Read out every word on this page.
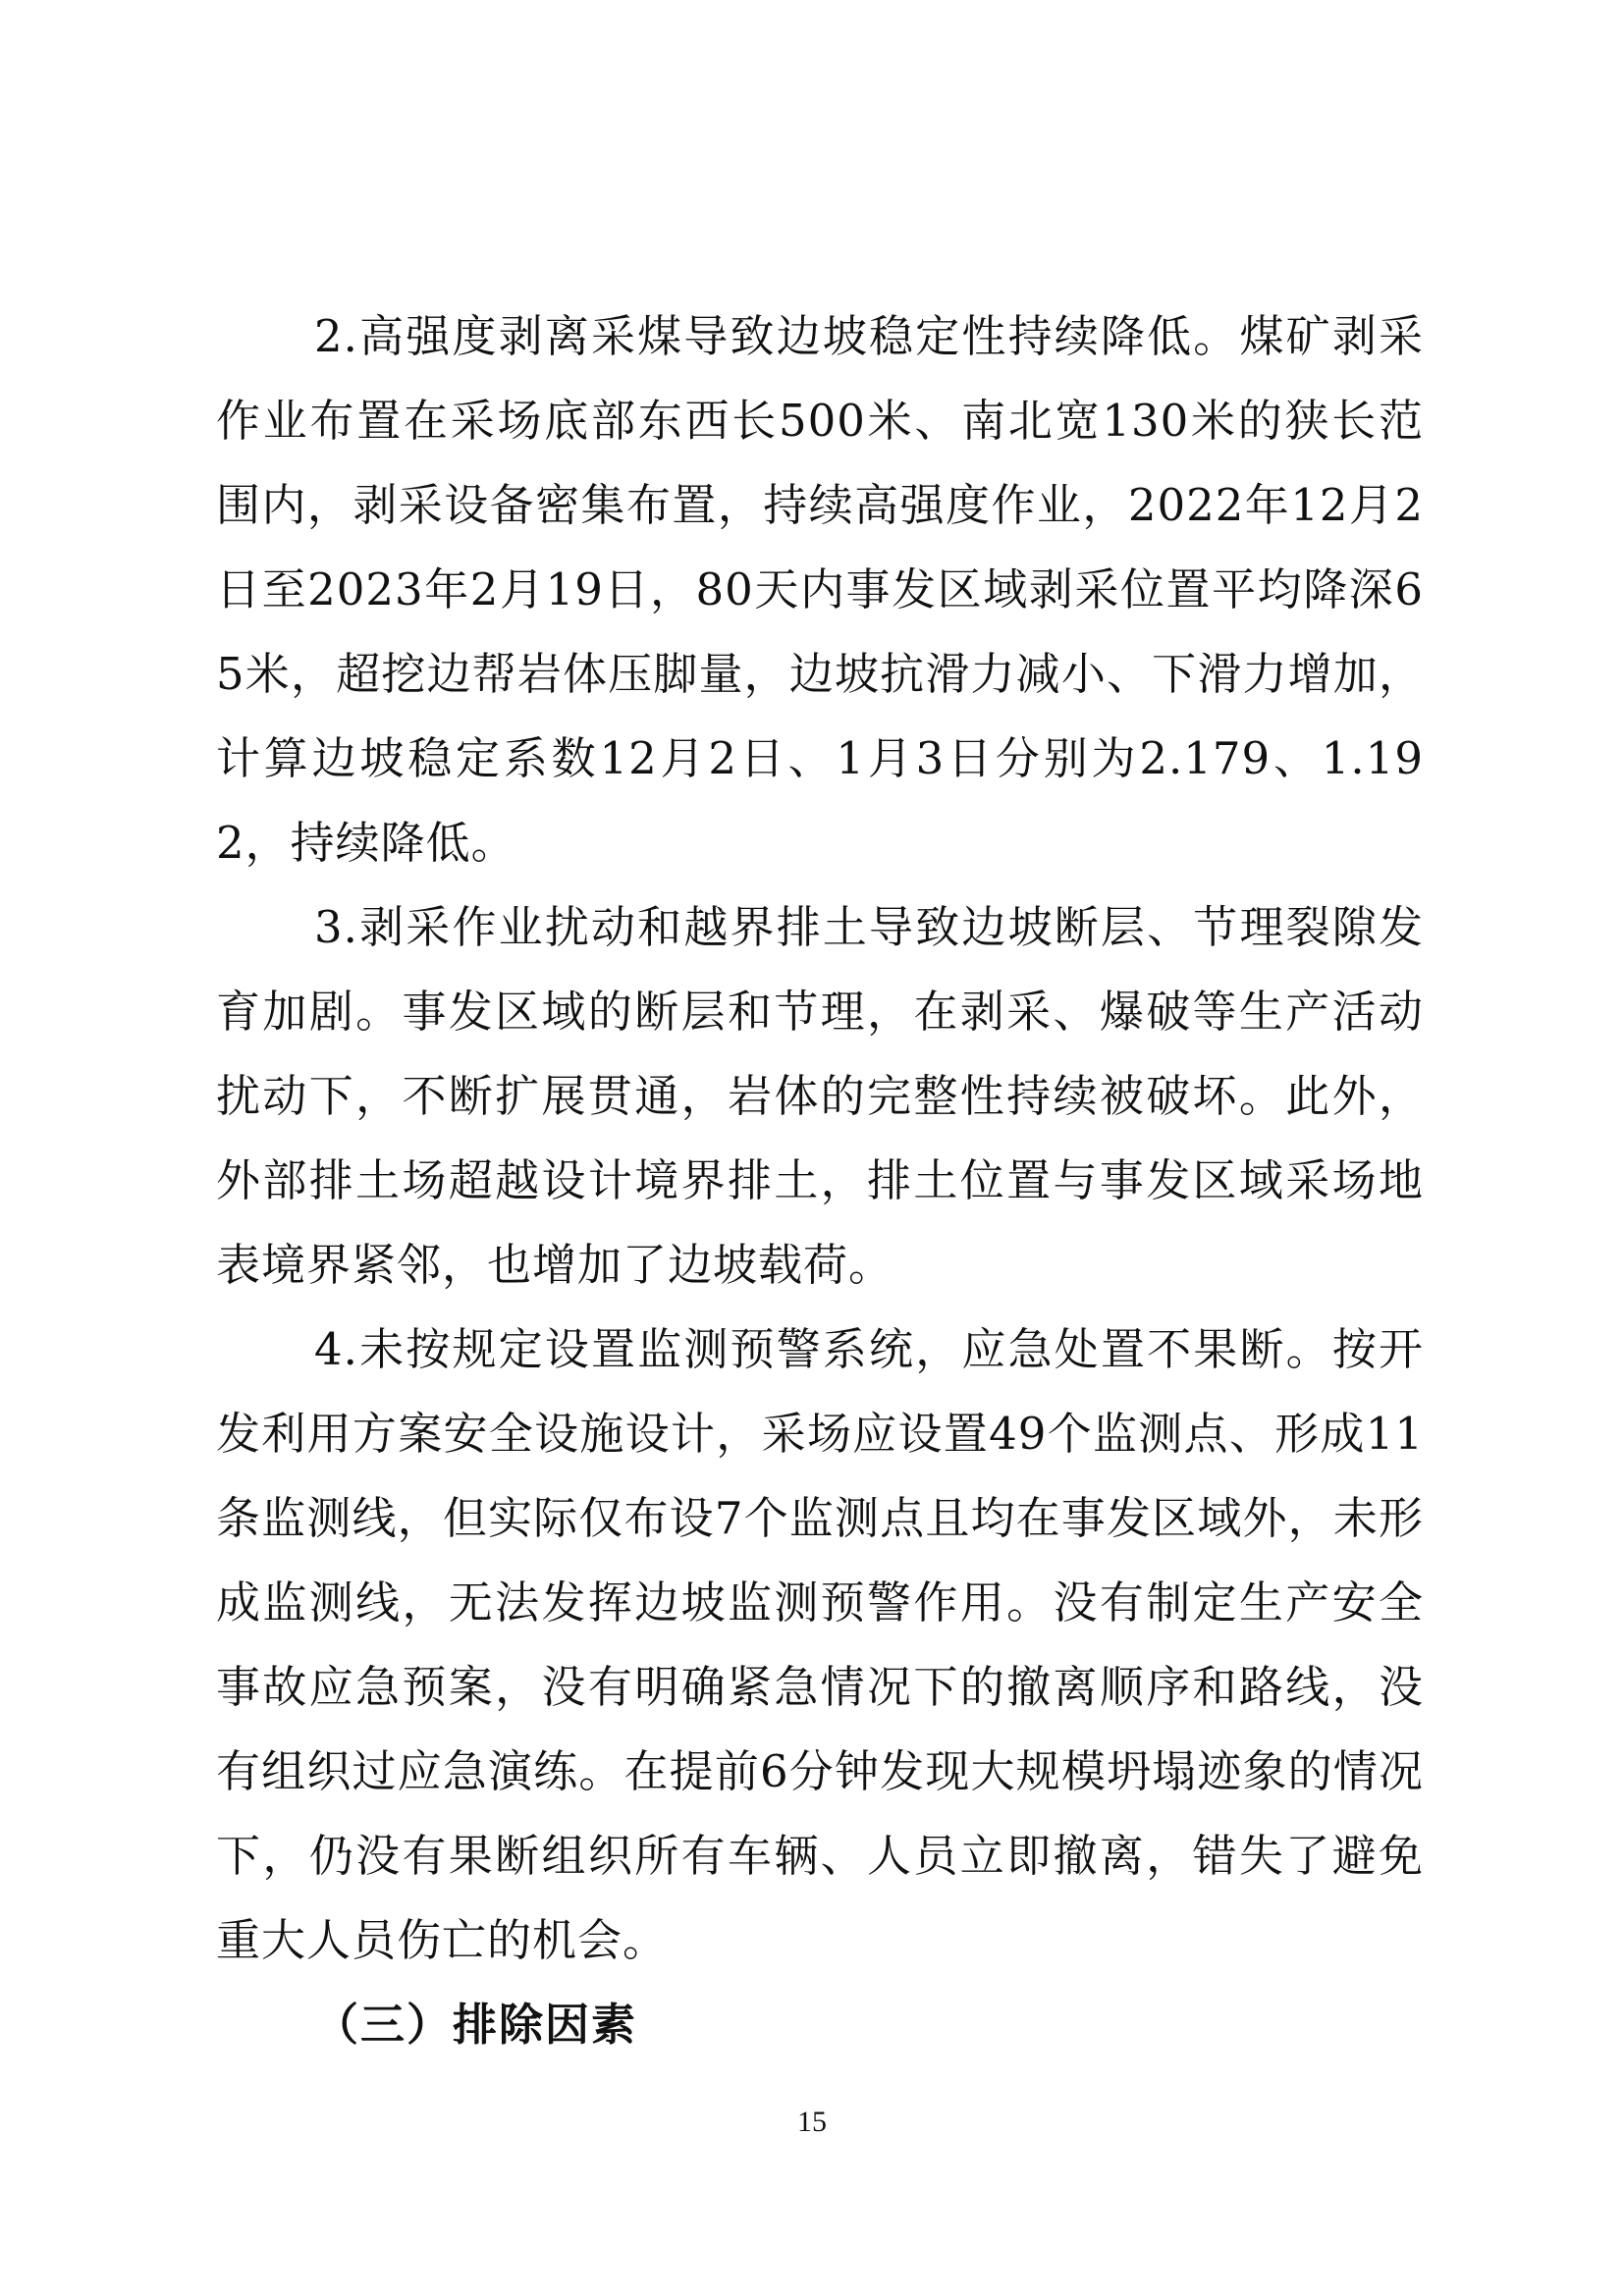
2.高强度剥离采煤导致边坡稳定性持续降低。煤矿剥采作业布置在采场底部东西长500米、南北宽130米的狭长范围内，剥采设备密集布置，持续高强度作业，2022年12月2日至2023年2月19日，80天内事发区域剥采位置平均降深65米，超挖边帮岩体压脚量，边坡抗滑力减小、下滑力增加，计算边坡稳定系数12月2日、1月3日分别为2.179、1.192，持续降低。

3.剥采作业扰动和越界排土导致边坡断层、节理裂隙发育加剧。事发区域的断层和节理，在剥采、爆破等生产活动扰动下，不断扩展贯通，岩体的完整性持续被破坏。此外，外部排土场超越设计境界排土，排土位置与事发区域采场地表境界紧邻，也增加了边坡载荷。

4.未按规定设置监测预警系统，应急处置不果断。按开发利用方案安全设施设计，采场应设置49个监测点、形成11条监测线，但实际仅布设7个监测点且均在事发区域外，未形成监测线，无法发挥边坡监测预警作用。没有制定生产安全事故应急预案，没有明确紧急情况下的撤离顺序和路线，没有组织过应急演练。在提前6分钟发现大规模坍塌迹象的情况下，仍没有果断组织所有车辆、人员立即撤离，错失了避免重大人员伤亡的机会。

（三）排除因素

15
